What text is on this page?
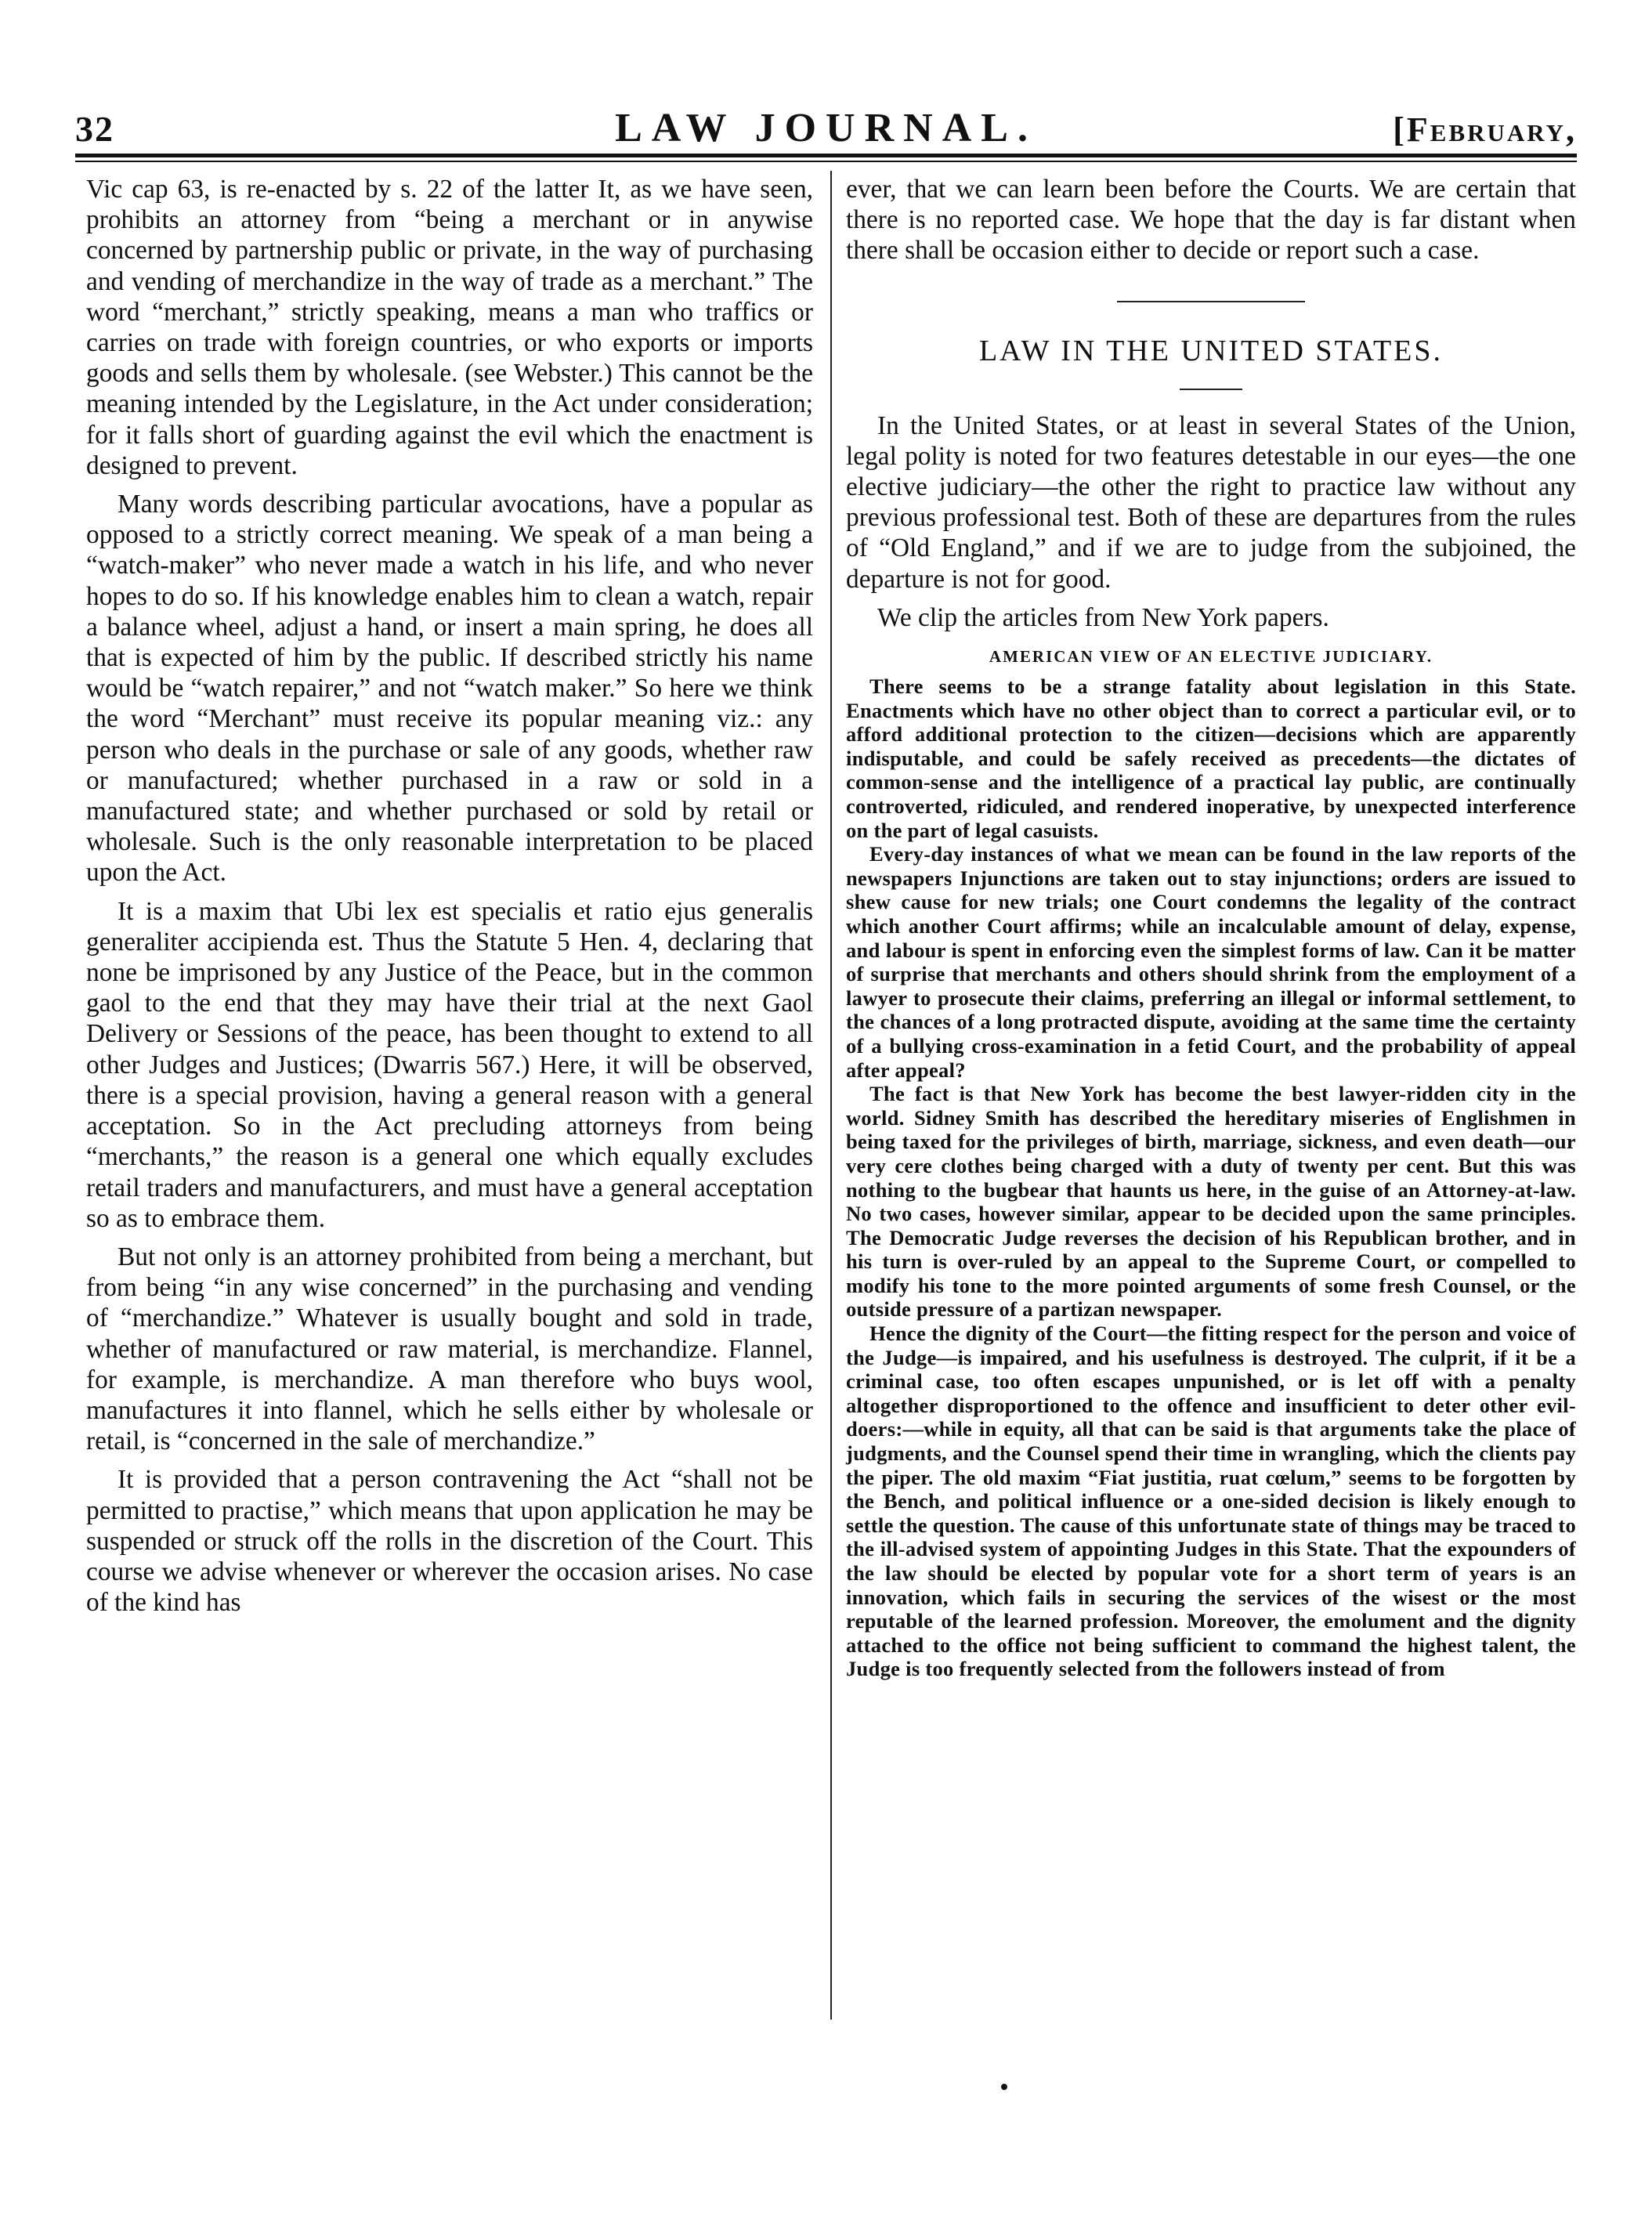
32	LAW JOURNAL.	[February,

Vic cap 63, is re-enacted by s. 22 of the latter It, as we have seen, prohibits an attorney from “being a merchant or in anywise concerned by partnership public or private, in the way of purchasing and vending of merchandize in the way of trade as a merchant.” The word “merchant,” strictly speaking, means a man who traffics or carries on trade with foreign countries, or who exports or imports goods and sells them by wholesale. (see Webster.) This cannot be the meaning intended by the Legislature, in the Act under consideration; for it falls short of guarding against the evil which the enactment is designed to prevent.

Many words describing particular avocations, have a popular as opposed to a strictly correct meaning. We speak of a man being a “watch-maker” who never made a watch in his life, and who never hopes to do so. If his knowledge enables him to clean a watch, repair a balance wheel, adjust a hand, or insert a main spring, he does all that is expected of him by the public. If described strictly his name would be “watch repairer,” and not “watch maker.” So here we think the word “Merchant” must receive its popular meaning viz.: any person who deals in the purchase or sale of any goods, whether raw or manufactured; whether purchased in a raw or sold in a manufactured state; and whether purchased or sold by retail or wholesale. Such is the only reasonable interpretation to be placed upon the Act.

It is a maxim that Ubi lex est specialis et ratio ejus generalis generaliter accipienda est. Thus the Statute 5 Hen. 4, declaring that none be imprisoned by any Justice of the Peace, but in the common gaol to the end that they may have their trial at the next Gaol Delivery or Sessions of the peace, has been thought to extend to all other Judges and Justices; (Dwarris 567.) Here, it will be observed, there is a special provision, having a general reason with a general acceptation. So in the Act precluding attorneys from being “merchants,” the reason is a general one which equally excludes retail traders and manufacturers, and must have a general acceptation so as to embrace them.

But not only is an attorney prohibited from being a merchant, but from being “in any wise concerned” in the purchasing and vending of “merchandize.” Whatever is usually bought and sold in trade, whether of manufactured or raw material, is merchandize. Flannel, for example, is merchandize. A man therefore who buys wool, manufactures it into flannel, which he sells either by wholesale or retail, is “concerned in the sale of merchandize.”

It is provided that a person contravening the Act “shall not be permitted to practise,” which means that upon application he may be suspended or struck off the rolls in the discretion of the Court. This course we advise whenever or wherever the occasion arises. No case of the kind has

ever, that we can learn been before the Courts. We are certain that there is no reported case. We hope that the day is far distant when there shall be occasion either to decide or report such a case.

LAW IN THE UNITED STATES.

In the United States, or at least in several States of the Union, legal polity is noted for two features detestable in our eyes—the one elective judiciary—the other the right to practice law without any previous professional test. Both of these are departures from the rules of “Old England,” and if we are to judge from the subjoined, the departure is not for good.

We clip the articles from New York papers.

AMERICAN VIEW OF AN ELECTIVE JUDICIARY.

There seems to be a strange fatality about legislation in this State. Enactments which have no other object than to correct a particular evil, or to afford additional protection to the citizen—decisions which are apparently indisputable, and could be safely received as precedents—the dictates of common-sense and the intelligence of a practical lay public, are continually controverted, ridiculed, and rendered inoperative, by unexpected interference on the part of legal casuists.

Every-day instances of what we mean can be found in the law reports of the newspapers Injunctions are taken out to stay injunctions; orders are issued to shew cause for new trials; one Court condemns the legality of the contract which another Court affirms; while an incalculable amount of delay, expense, and labour is spent in enforcing even the simplest forms of law. Can it be matter of surprise that merchants and others should shrink from the employment of a lawyer to prosecute their claims, preferring an illegal or informal settlement, to the chances of a long protracted dispute, avoiding at the same time the certainty of a bullying cross-examination in a fetid Court, and the probability of appeal after appeal?

The fact is that New York has become the best lawyer-ridden city in the world. Sidney Smith has described the hereditary miseries of Englishmen in being taxed for the privileges of birth, marriage, sickness, and even death—our very cere clothes being charged with a duty of twenty per cent. But this was nothing to the bugbear that haunts us here, in the guise of an Attorney-at-law. No two cases, however similar, appear to be decided upon the same principles. The Democratic Judge reverses the decision of his Republican brother, and in his turn is over-ruled by an appeal to the Supreme Court, or compelled to modify his tone to the more pointed arguments of some fresh Counsel, or the outside pressure of a partizan newspaper.

Hence the dignity of the Court—the fitting respect for the person and voice of the Judge—is impaired, and his usefulness is destroyed. The culprit, if it be a criminal case, too often escapes unpunished, or is let off with a penalty altogether disproportioned to the offence and insufficient to deter other evil-doers:—while in equity, all that can be said is that arguments take the place of judgments, and the Counsel spend their time in wrangling, which the clients pay the piper. The old maxim “Fiat justitia, ruat cœlum,” seems to be forgotten by the Bench, and political influence or a one-sided decision is likely enough to settle the question. The cause of this unfortunate state of things may be traced to the ill-advised system of appointing Judges in this State. That the expounders of the law should be elected by popular vote for a short term of years is an innovation, which fails in securing the services of the wisest or the most reputable of the learned profession. Moreover, the emolument and the dignity attached to the office not being sufficient to command the highest talent, the Judge is too frequently selected from the followers instead of from
